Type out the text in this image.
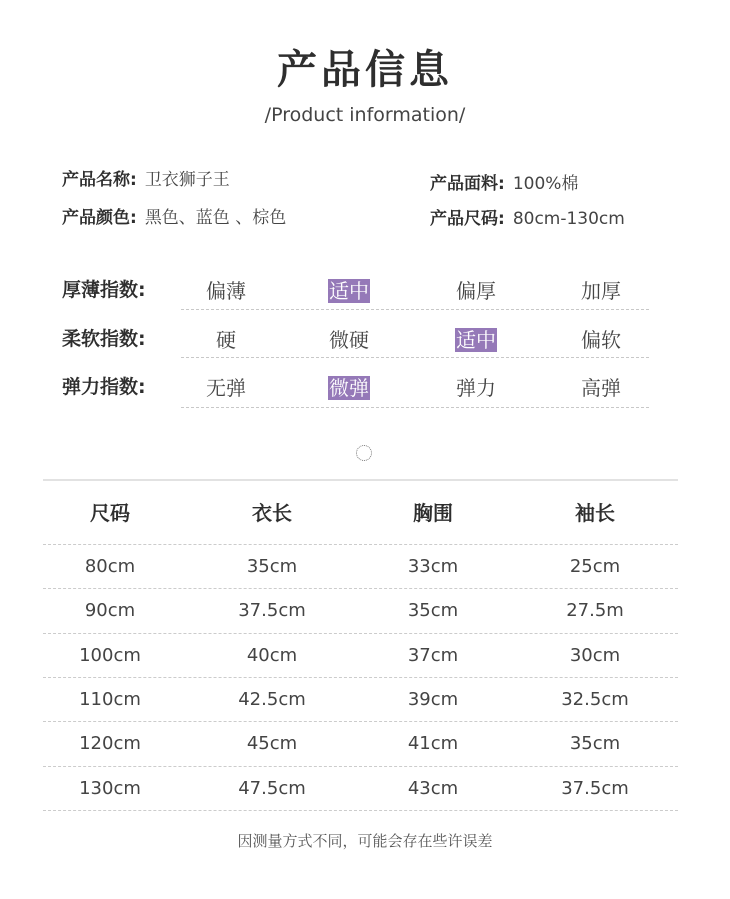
产品信息
/Product information/
产品名称: 卫衣狮子王	产品面料: 100%棉
产品颜色: 黑色、蓝色 、棕色	产品尺码: 80cm-130cm
厚薄指数:	偏薄	适中	偏厚	加厚
柔软指数:	硬	微硬	适中	偏软
弹力指数:	无弹	微弹	弹力	高弹
尺码	衣长	胸围	袖长
80cm	35cm	33cm	25cm
90cm	37.5cm	35cm	27.5m
100cm	40cm	37cm	30cm
110cm	42.5cm	39cm	32.5cm
120cm	45cm	41cm	35cm
130cm	47.5cm	43cm	37.5cm
因测量方式不同，可能会存在些许误差
